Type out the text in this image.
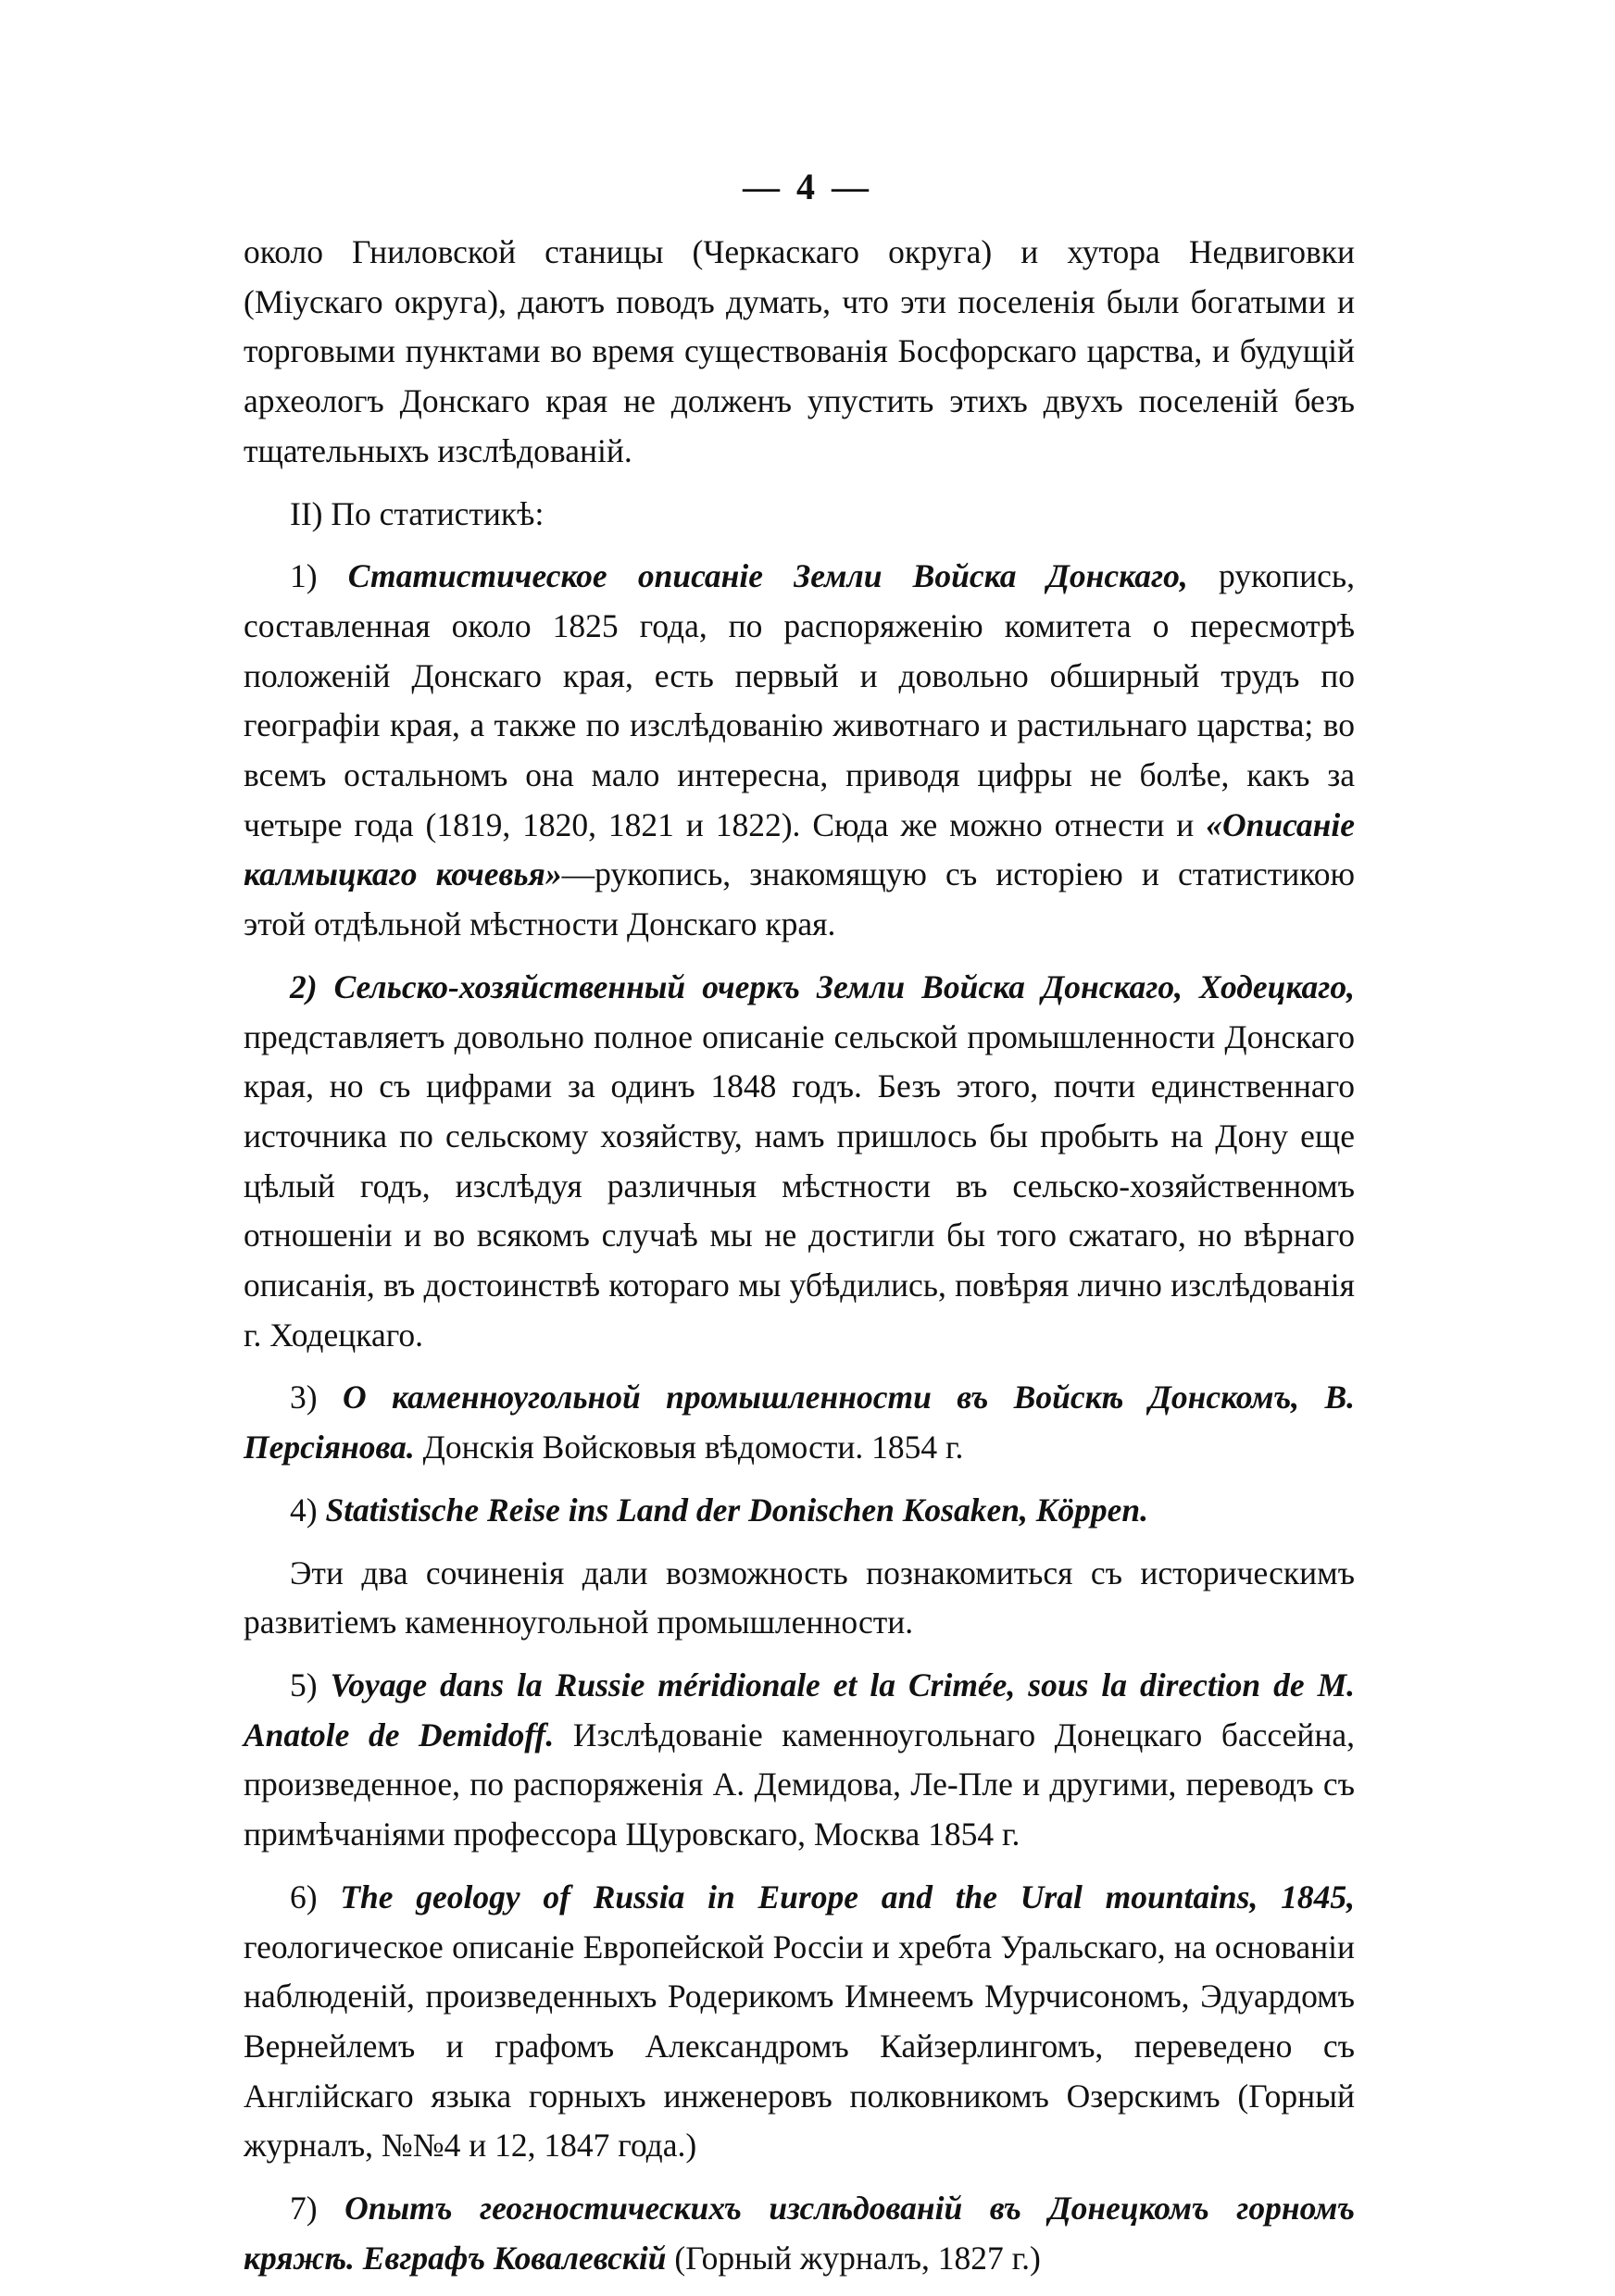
— 4 —

около Гниловской станицы (Черкаскаго округа) и хутора Недвиговки (Міускаго округа), даютъ поводъ думать, что эти поселенія были богатыми и торговыми пунктами во время существованія Босфорскаго царства, и будущій археологъ Донскаго края не долженъ упустить этихъ двухъ поселеній безъ тщательныхъ изслѣдованій.

II) По статистикѣ:

1) Статистическое описаніе Земли Войска Донскаго, рукопись, составленная около 1825 года, по распоряженію комитета о пересмотрѣ положеній Донскаго края, есть первый и довольно обширный трудъ по географіи края, а также по изслѣдованію животнаго и растильнаго царства; во всемъ остальномъ она мало интересна, приводя цифры не болѣе, какъ за четыре года (1819, 1820, 1821 и 1822). Сюда же можно отнести и «Описаніе калмыцкаго кочевья»—рукопись, знакомящую съ исторіею и статистикою этой отдѣльной мѣстности Донскаго края.

2) Сельско-хозяйственный очеркъ Земли Войска Донскаго, Ходецкаго, представляетъ довольно полное описаніе сельской промышленности Донскаго края, но съ цифрами за одинъ 1848 годъ. Безъ этого, почти единственнаго источника по сельскому хозяйству, намъ пришлось бы пробыть на Дону еще цѣлый годъ, изслѣдуя различныя мѣстности въ сельско-хозяйственномъ отношеніи и во всякомъ случаѣ мы не достигли бы того сжатаго, но вѣрнаго описанія, въ достоинствѣ котораго мы убѣдились, повѣряя лично изслѣдованія г. Ходецкаго.

3) О каменноугольной промышленности въ Войскѣ Донскомъ, В. Персіянова. Донскія Войсковыя вѣдомости. 1854 г.

4) Statistische Reise ins Land der Donischen Kosaken, Köppen.

Эти два сочиненія дали возможность познакомиться съ историческимъ развитіемъ каменноугольной промышленности.

5) Voyage dans la Russie méridionale et la Crimée, sous la direction de M. Anatole de Demidoff. Изслѣдованіе каменноугольнаго Донецкаго бассейна, произведенное, по распоряженія А. Демидова, Ле-Пле и другими, переводъ съ примѣчаніями профессора Щуровскаго, Москва 1854 г.

6) The geology of Russia in Europe and the Ural mountains, 1845, геологическое описаніе Европейской Россіи и хребта Уральскаго, на основаніи наблюденій, произведенныхъ Родерикомъ Имнеемъ Мурчисономъ, Эдуардомъ Вернейлемъ и графомъ Александромъ Кайзерлингомъ, переведено съ Англійскаго языка горныхъ инженеровъ полковникомъ Озерскимъ (Горный журналъ, №№4 и 12, 1847 года.)

7) Опытъ геогностическихъ изслѣдованій въ Донецкомъ горномъ кряжѣ. Евграфъ Ковалевскій (Горный журналъ, 1827 г.)
